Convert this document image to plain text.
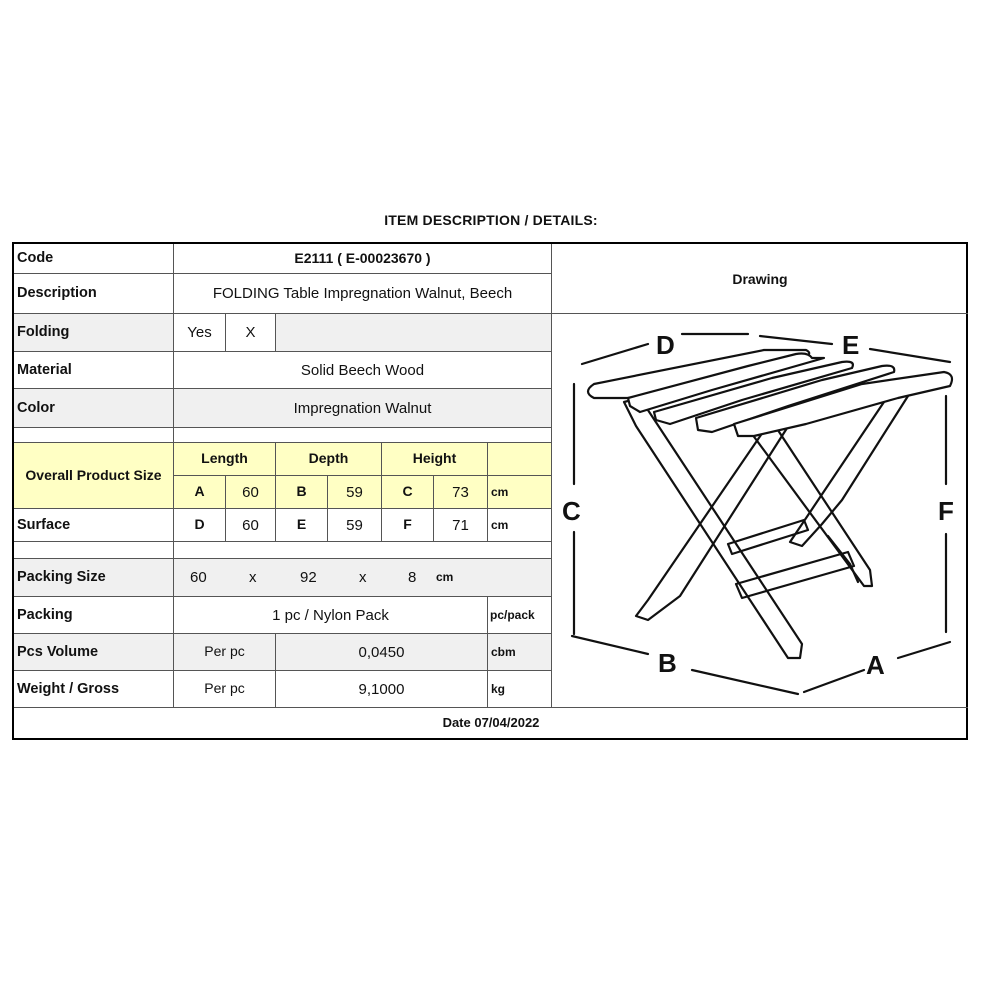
ITEM DESCRIPTION / DETAILS:
Code	E2111 ( E-00023670 )
Description	FOLDING Table Impregnation Walnut, Beech
Drawing
Folding	Yes	X
Material	Solid Beech Wood
Color	Impregnation Walnut
Overall Product Size
Length	Depth	Height
A	60	B	59	C	73	cm
Surface	D	60	E	59	F	71	cm
Packing Size	60	x	92	x	8 cm
Packing	1 pc / Nylon Pack	pc/pack
Pcs Volume	Per pc	0,0450	cbm
Weight / Gross	Per pc	9,1000	kg
D	E
C	F
B	A
Date 07/04/2022
